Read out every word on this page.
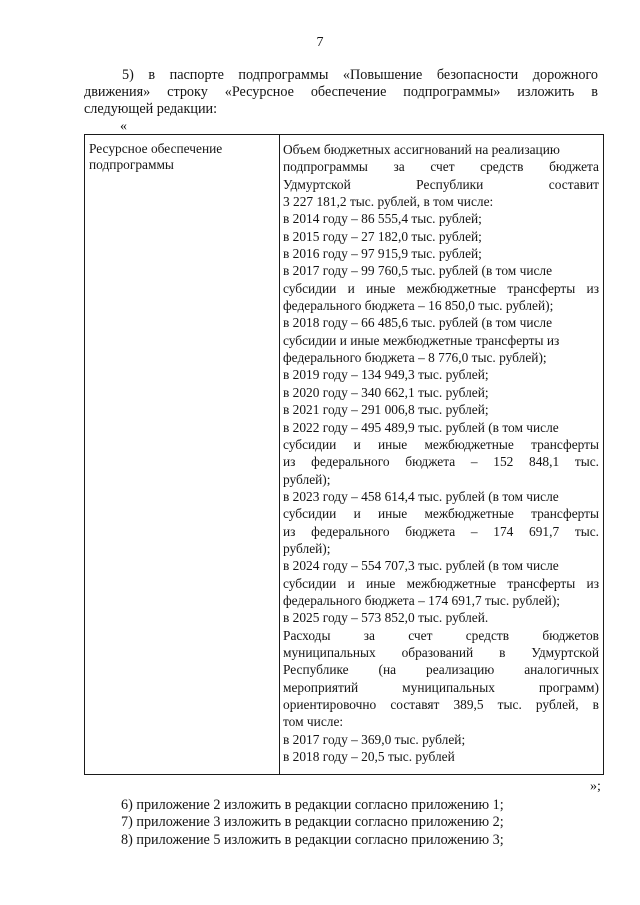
7

5) в паспорте подпрограммы «Повышение безопасности дорожного

движения» строку «Ресурсное обеспечение подпрограммы» изложить в

следующей редакции:

«
Ресурсное обеспечение
подпрограммы
Объем бюджетных ассигнований на реализацию
подпрограммы за счет средств бюджета
Удмуртской Республики составит
3 227 181,2 тыс. рублей, в том числе:
в 2014 году – 86 555,4 тыс. рублей;
в 2015 году – 27 182,0 тыс. рублей;
в 2016 году – 97 915,9 тыс. рублей;
в 2017 году – 99 760,5 тыс. рублей (в том числе
субсидии и иные межбюджетные трансферты из
федерального бюджета – 16 850,0 тыс. рублей);
в 2018 году – 66 485,6 тыс. рублей (в том числе
субсидии и иные межбюджетные трансферты из
федерального бюджета – 8 776,0 тыс. рублей);
в 2019 году – 134 949,3 тыс. рублей;
в 2020 году – 340 662,1 тыс. рублей;
в 2021 году – 291 006,8 тыс. рублей;
в 2022 году – 495 489,9 тыс. рублей (в том числе
субсидии и иные межбюджетные трансферты
из федерального бюджета – 152 848,1 тыс.
рублей);
в 2023 году – 458 614,4 тыс. рублей (в том числе
субсидии и иные межбюджетные трансферты
из федерального бюджета – 174 691,7 тыс.
рублей);
в 2024 году – 554 707,3 тыс. рублей (в том числе
субсидии и иные межбюджетные трансферты из
федерального бюджета – 174 691,7 тыс. рублей);
в 2025 году – 573 852,0 тыс. рублей.
Расходы за счет средств бюджетов
муниципальных образований в Удмуртской
Республике (на реализацию аналогичных
мероприятий муниципальных программ)
ориентировочно составят 389,5 тыс. рублей, в
том числе:
в 2017 году – 369,0 тыс. рублей;
в 2018 году – 20,5 тыс. рублей
»;
6) приложение 2 изложить в редакции согласно приложению 1;
7) приложение 3 изложить в редакции согласно приложению 2;
8) приложение 5 изложить в редакции согласно приложению 3;
